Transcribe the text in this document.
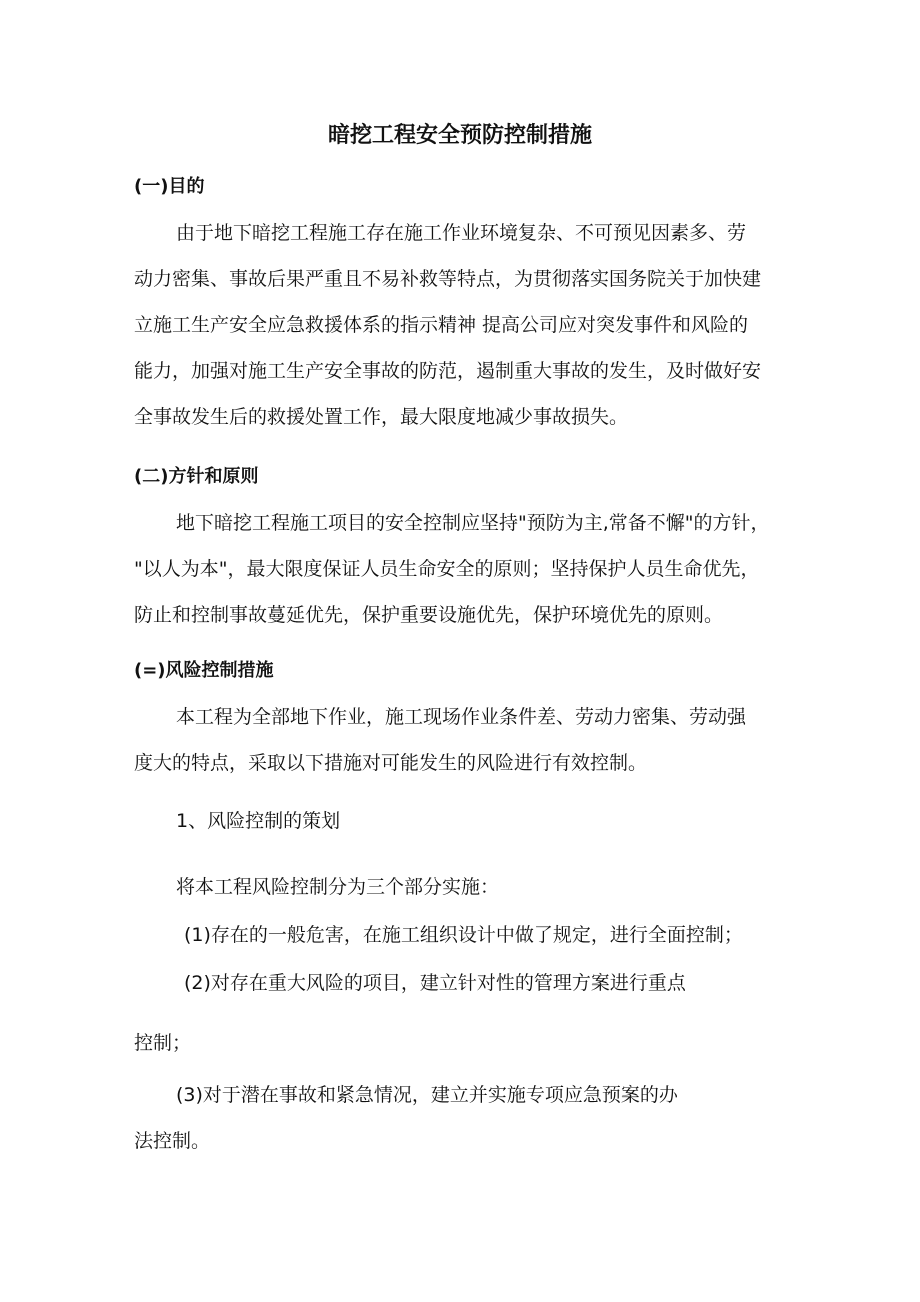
暗挖工程安全预防控制措施
(一)目的
由于地下暗挖工程施工存在施工作业环境复杂、不可预见因素多、劳
动力密集、事故后果严重且不易补救等特点，为贯彻落实国务院关于加快建
立施工生产安全应急救援体系的指示精神 提高公司应对突发事件和风险的
能力，加强对施工生产安全事故的防范，遏制重大事故的发生，及时做好安
全事故发生后的救援处置工作，最大限度地减少事故损失。
(二)方针和原则
地下暗挖工程施工项目的安全控制应坚持"预防为主,常备不懈"的方针，
"以人为本"，最大限度保证人员生命安全的原则；坚持保护人员生命优先，
防止和控制事故蔓延优先，保护重要设施优先，保护环境优先的原则。
(=)风险控制措施
本工程为全部地下作业，施工现场作业条件差、劳动力密集、劳动强
度大的特点，采取以下措施对可能发生的风险进行有效控制。
1、风险控制的策划
将本工程风险控制分为三个部分实施：
(1)存在的一般危害，在施工组织设计中做了规定，进行全面控制；
(2)对存在重大风险的项目，建立针对性的管理方案进行重点
控制；
(3)对于潜在事故和紧急情况，建立并实施专项应急预案的办
法控制。
